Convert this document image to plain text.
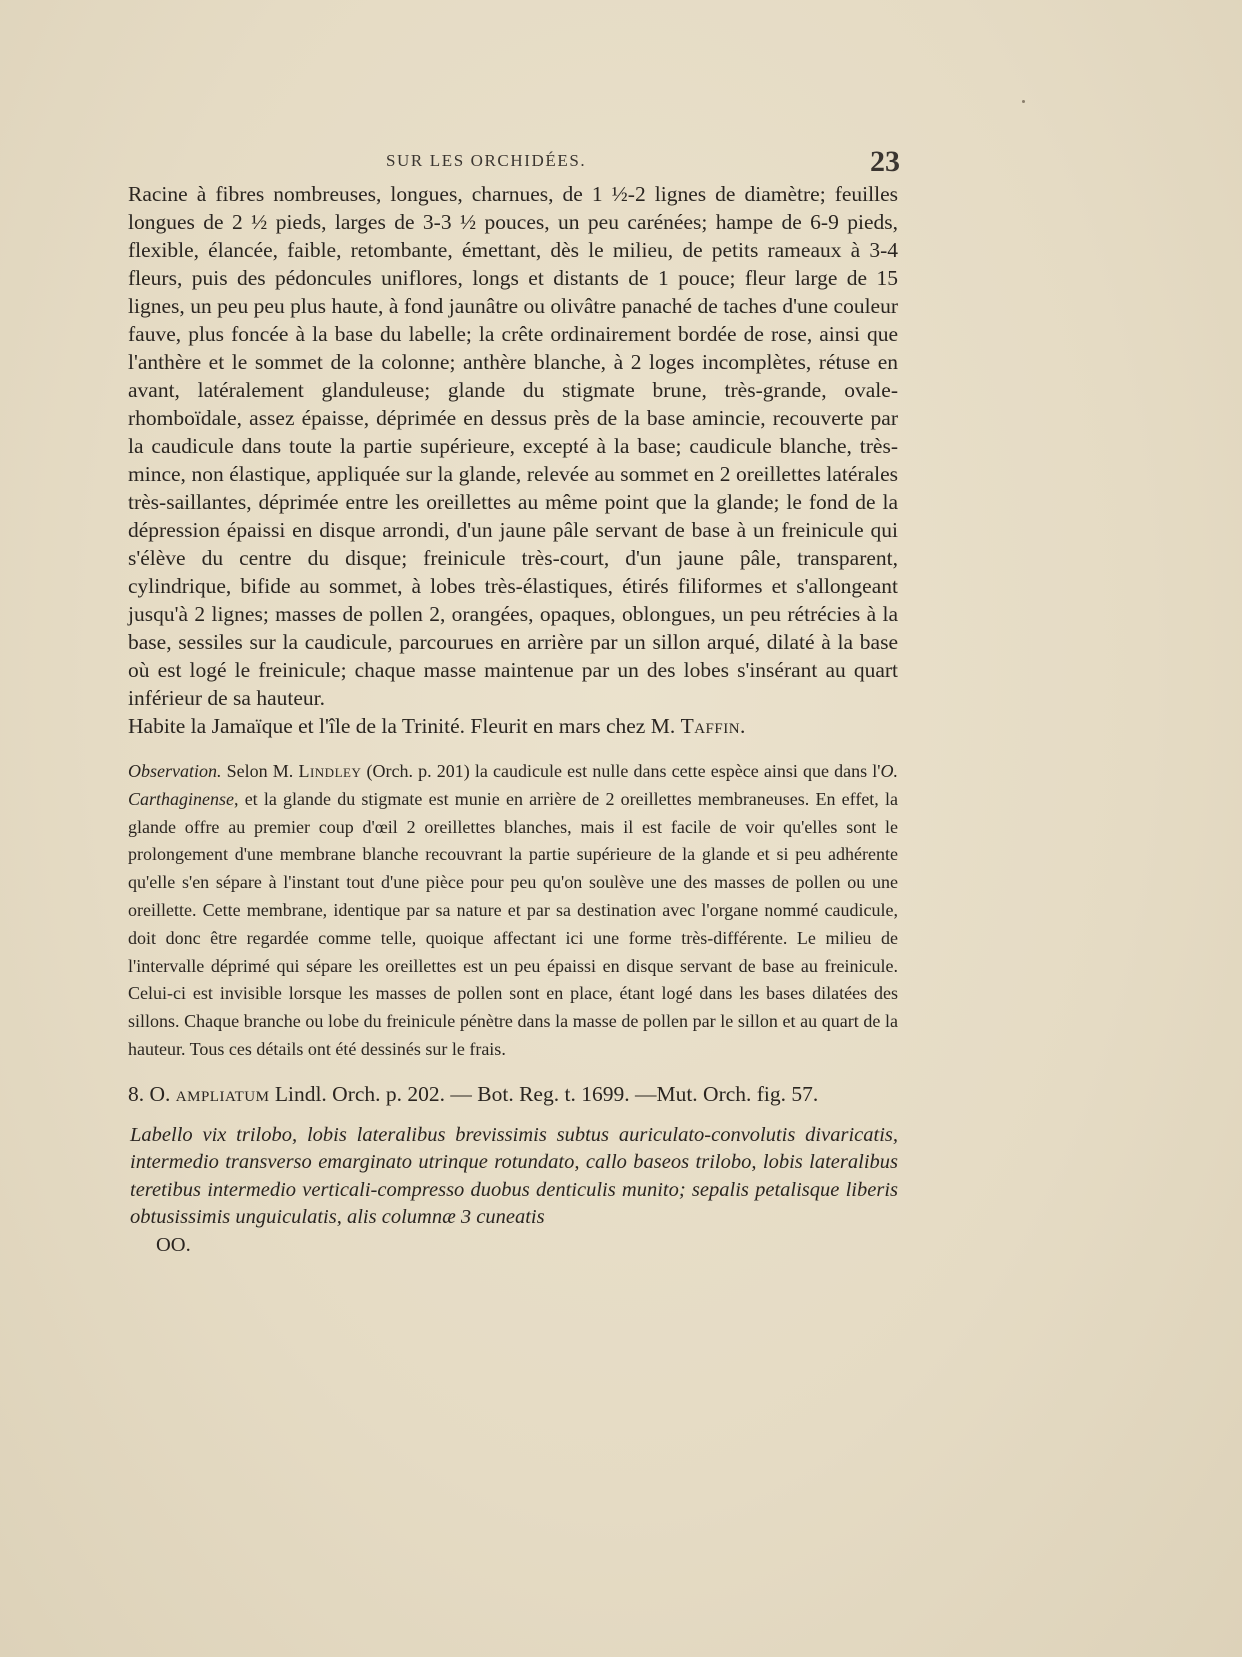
SUR LES ORCHIDÉES.	23

Racine à fibres nombreuses, longues, charnues, de 1 ½-2 lignes de diamètre; feuilles longues de 2 ½ pieds, larges de 3-3 ½ pouces, un peu carénées; hampe de 6-9 pieds, flexible, élancée, faible, retombante, émettant, dès le milieu, de petits rameaux à 3-4 fleurs, puis des pédoncules uniflores, longs et distants de 1 pouce; fleur large de 15 lignes, un peu peu plus haute, à fond jaunâtre ou olivâtre panaché de taches d'une couleur fauve, plus foncée à la base du labelle; la crête ordinairement bordée de rose, ainsi que l'anthère et le sommet de la colonne; anthère blanche, à 2 loges incomplètes, rétuse en avant, latéralement glanduleuse; glande du stigmate brune, très-grande, ovale-rhomboïdale, assez épaisse, déprimée en dessus près de la base amincie, recouverte par la caudicule dans toute la partie supérieure, excepté à la base; caudicule blanche, très-mince, non élastique, appliquée sur la glande, relevée au sommet en 2 oreillettes latérales très-saillantes, déprimée entre les oreillettes au même point que la glande; le fond de la dépression épaissi en disque arrondi, d'un jaune pâle servant de base à un freinicule qui s'élève du centre du disque; freinicule très-court, d'un jaune pâle, transparent, cylindrique, bifide au sommet, à lobes très-élastiques, étirés filiformes et s'allongeant jusqu'à 2 lignes; masses de pollen 2, orangées, opaques, oblongues, un peu rétrécies à la base, sessiles sur la caudicule, parcourues en arrière par un sillon arqué, dilaté à la base où est logé le freinicule; chaque masse maintenue par un des lobes s'insérant au quart inférieur de sa hauteur.

Habite la Jamaïque et l'île de la Trinité. Fleurit en mars chez M. Taffin.

Observation. Selon M. Lindley (Orch. p. 201) la caudicule est nulle dans cette espèce ainsi que dans l'O. Carthaginense, et la glande du stigmate est munie en arrière de 2 oreillettes membraneuses. En effet, la glande offre au premier coup d'œil 2 oreillettes blanches, mais il est facile de voir qu'elles sont le prolongement d'une membrane blanche recouvrant la partie supérieure de la glande et si peu adhérente qu'elle s'en sépare à l'instant tout d'une pièce pour peu qu'on soulève une des masses de pollen ou une oreillette. Cette membrane, identique par sa nature et par sa destination avec l'organe nommé caudicule, doit donc être regardée comme telle, quoique affectant ici une forme très-différente. Le milieu de l'intervalle déprimé qui sépare les oreillettes est un peu épaissi en disque servant de base au freinicule. Celui-ci est invisible lorsque les masses de pollen sont en place, étant logé dans les bases dilatées des sillons. Chaque branche ou lobe du freinicule pénètre dans la masse de pollen par le sillon et au quart de la hauteur. Tous ces détails ont été dessinés sur le frais.

8. O. ampliatum Lindl. Orch. p. 202. — Bot. Reg. t. 1699. —Mut. Orch. fig. 57.

Labello vix trilobo, lobis lateralibus brevissimis subtus auriculato-convolutis divaricatis, intermedio transverso emarginato utrinque rotundato, callo baseos trilobo, lobis lateralibus teretibus intermedio verticali-compresso duobus denticulis munito; sepalis petalisque liberis obtusissimis unguiculatis, alis columnæ 3 cuneatis

OO.
